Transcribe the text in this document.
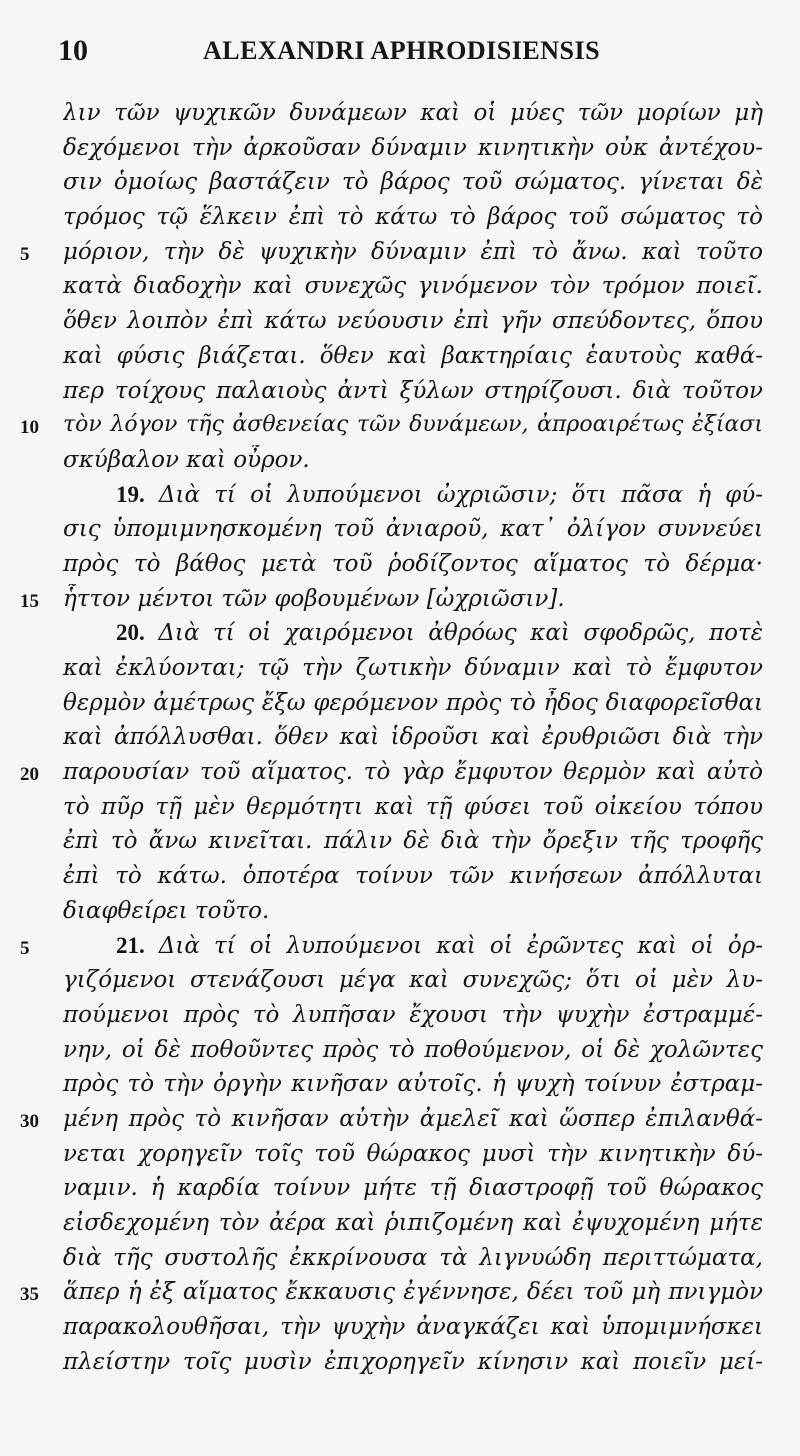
10	ALEXANDRI APHRODISIENSIS
λιν τῶν ψυχικῶν δυνάμεων καὶ οἱ μύες τῶν μορίων μὴ
δεχόμενοι τὴν ἀρκοῦσαν δύναμιν κινητικὴν οὐκ ἀντέχου-
σιν ὁμοίως βαστάζειν τὸ βάρος τοῦ σώματος. γίνεται δὲ
τρόμος τῷ ἕλκειν ἐπὶ τὸ κάτω τὸ βάρος τοῦ σώματος τὸ
5 μόριον, τὴν δὲ ψυχικὴν δύναμιν ἐπὶ τὸ ἄνω. καὶ τοῦτο
κατὰ διαδοχὴν καὶ συνεχῶς γινόμενον τὸν τρόμον ποιεῖ.
ὅθεν λοιπὸν ἐπὶ κάτω νεύουσιν ἐπὶ γῆν σπεύδοντες, ὅπου
καὶ φύσις βιάζεται. ὅθεν καὶ βακτηρίαις ἑαυτοὺς καθά-
περ τοίχους παλαιοὺς ἀντὶ ξύλων στηρίζουσι. διὰ τοῦτον
10 τὸν λόγον τῆς ἀσθενείας τῶν δυνάμεων, ἀπροαιρέτως ἐξίασι
σκύβαλον καὶ οὖρον.
19. Διὰ τί οἱ λυπούμενοι ὠχριῶσιν; ὅτι πᾶσα ἡ φύ-
σις ὑπομιμνησκομένη τοῦ ἀνιαροῦ, κατ᾽ ὀλίγον συννεύει
πρὸς τὸ βάθος μετὰ τοῦ ῥοδίζοντος αἵματος τὸ δέρμα·
15 ἧττον μέντοι τῶν φοβουμένων [ὠχριῶσιν].
20. Διὰ τί οἱ χαιρόμενοι ἀθρόως καὶ σφοδρῶς, ποτὲ
καὶ ἐκλύονται; τῷ τὴν ζωτικὴν δύναμιν καὶ τὸ ἔμφυτον
θερμὸν ἀμέτρως ἔξω φερόμενον πρὸς τὸ ἦδος διαφορεῖσθαι
καὶ ἀπόλλυσθαι. ὅθεν καὶ ἱδροῦσι καὶ ἐρυθριῶσι διὰ τὴν
20 παρουσίαν τοῦ αἵματος. τὸ γὰρ ἔμφυτον θερμὸν καὶ αὐτὸ
τὸ πῦρ τῇ μὲν θερμότητι καὶ τῇ φύσει τοῦ οἰκείου τόπου
ἐπὶ τὸ ἄνω κινεῖται. πάλιν δὲ διὰ τὴν ὄρεξιν τῆς τροφῆς
ἐπὶ τὸ κάτω. ὁποτέρα τοίνυν τῶν κινήσεων ἀπόλλυται
διαφθείρει τοῦτο.
5	21. Διὰ τί οἱ λυπούμενοι καὶ οἱ ἐρῶντες καὶ οἱ ὀρ-
γιζόμενοι στενάζουσι μέγα καὶ συνεχῶς; ὅτι οἱ μὲν λυ-
πούμενοι πρὸς τὸ λυπῆσαν ἔχουσι τὴν ψυχὴν ἐστραμμέ-
νην, οἱ δὲ ποθοῦντες πρὸς τὸ ποθούμενον, οἱ δὲ χολῶντες
πρὸς τὸ τὴν ὀργὴν κινῆσαν αὐτοῖς. ἡ ψυχὴ τοίνυν ἐστραμ-
30 μένη πρὸς τὸ κινῆσαν αὐτὴν ἀμελεῖ καὶ ὥσπερ ἐπιλανθά-
νεται χορηγεῖν τοῖς τοῦ θώρακος μυσὶ τὴν κινητικὴν δύ-
ναμιν. ἡ καρδία τοίνυν μήτε τῇ διαστροφῇ τοῦ θώρακος
εἰσδεχομένη τὸν ἀέρα καὶ ῥιπιζομένη καὶ ἐψυχομένη μήτε
διὰ τῆς συστολῆς ἐκκρίνουσα τὰ λιγνυώδη περιττώματα,
35 ἅπερ ἡ ἐξ αἵματος ἔκκαυσις ἐγέννησε, δέει τοῦ μὴ πνιγμὸν
παρακολουθῆσαι, τὴν ψυχὴν ἀναγκάζει καὶ ὑπομιμνήσκει
πλείστην τοῖς μυσὶν ἐπιχορηγεῖν κίνησιν καὶ ποιεῖν μεί-
